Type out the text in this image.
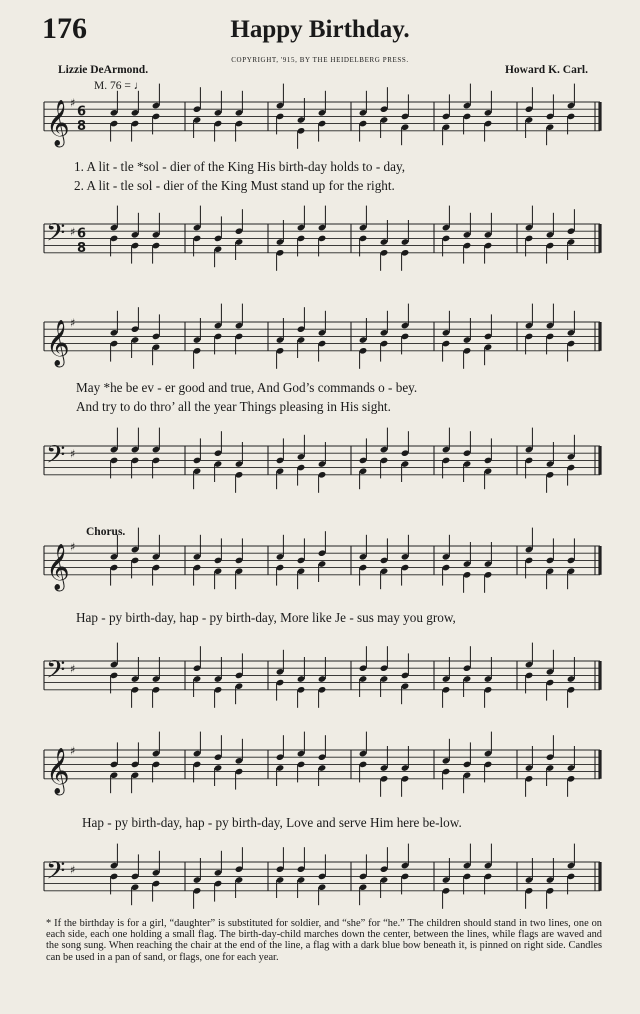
176	Happy Birthday.
COPYRIGHT, '915, BY THE HEIDELBERG PRESS.
Lizzie DeArmond.	Howard K. Carl.
M. 76 = ♩
Chorus.
𝄞 ♯
6
8
𝄢 ♯ 6
8
𝄞 ♯
𝄢 ♯
𝄞 ♯
𝄢 ♯
𝄞 ♯
𝄢 ♯
1. A lit - tle *sol - dier of the King His birth-day holds to - day,
2. A lit - tle sol - dier of the King Must stand up for the right.
May *he be ev - er good and true, And God’s commands o - bey.
And try to do thro’ all the year Things pleasing in His sight.
Hap - py birth-day, hap - py birth-day, More like Je - sus may you grow,
Hap - py birth-day, hap - py birth-day, Love and serve Him here be-low.
* If the birthday is for a girl, “daughter” is substituted for soldier, and “she” for “he.” The children should stand in two lines, one on each side, each one holding a small flag. The birth-day-child marches down the center, between the lines, while flags are waved and the song sung. When reaching the chair at the end of the line, a flag with a dark blue bow beneath it, is pinned on right side. Candles can be used in a pan of sand, or flags, one for each year.
